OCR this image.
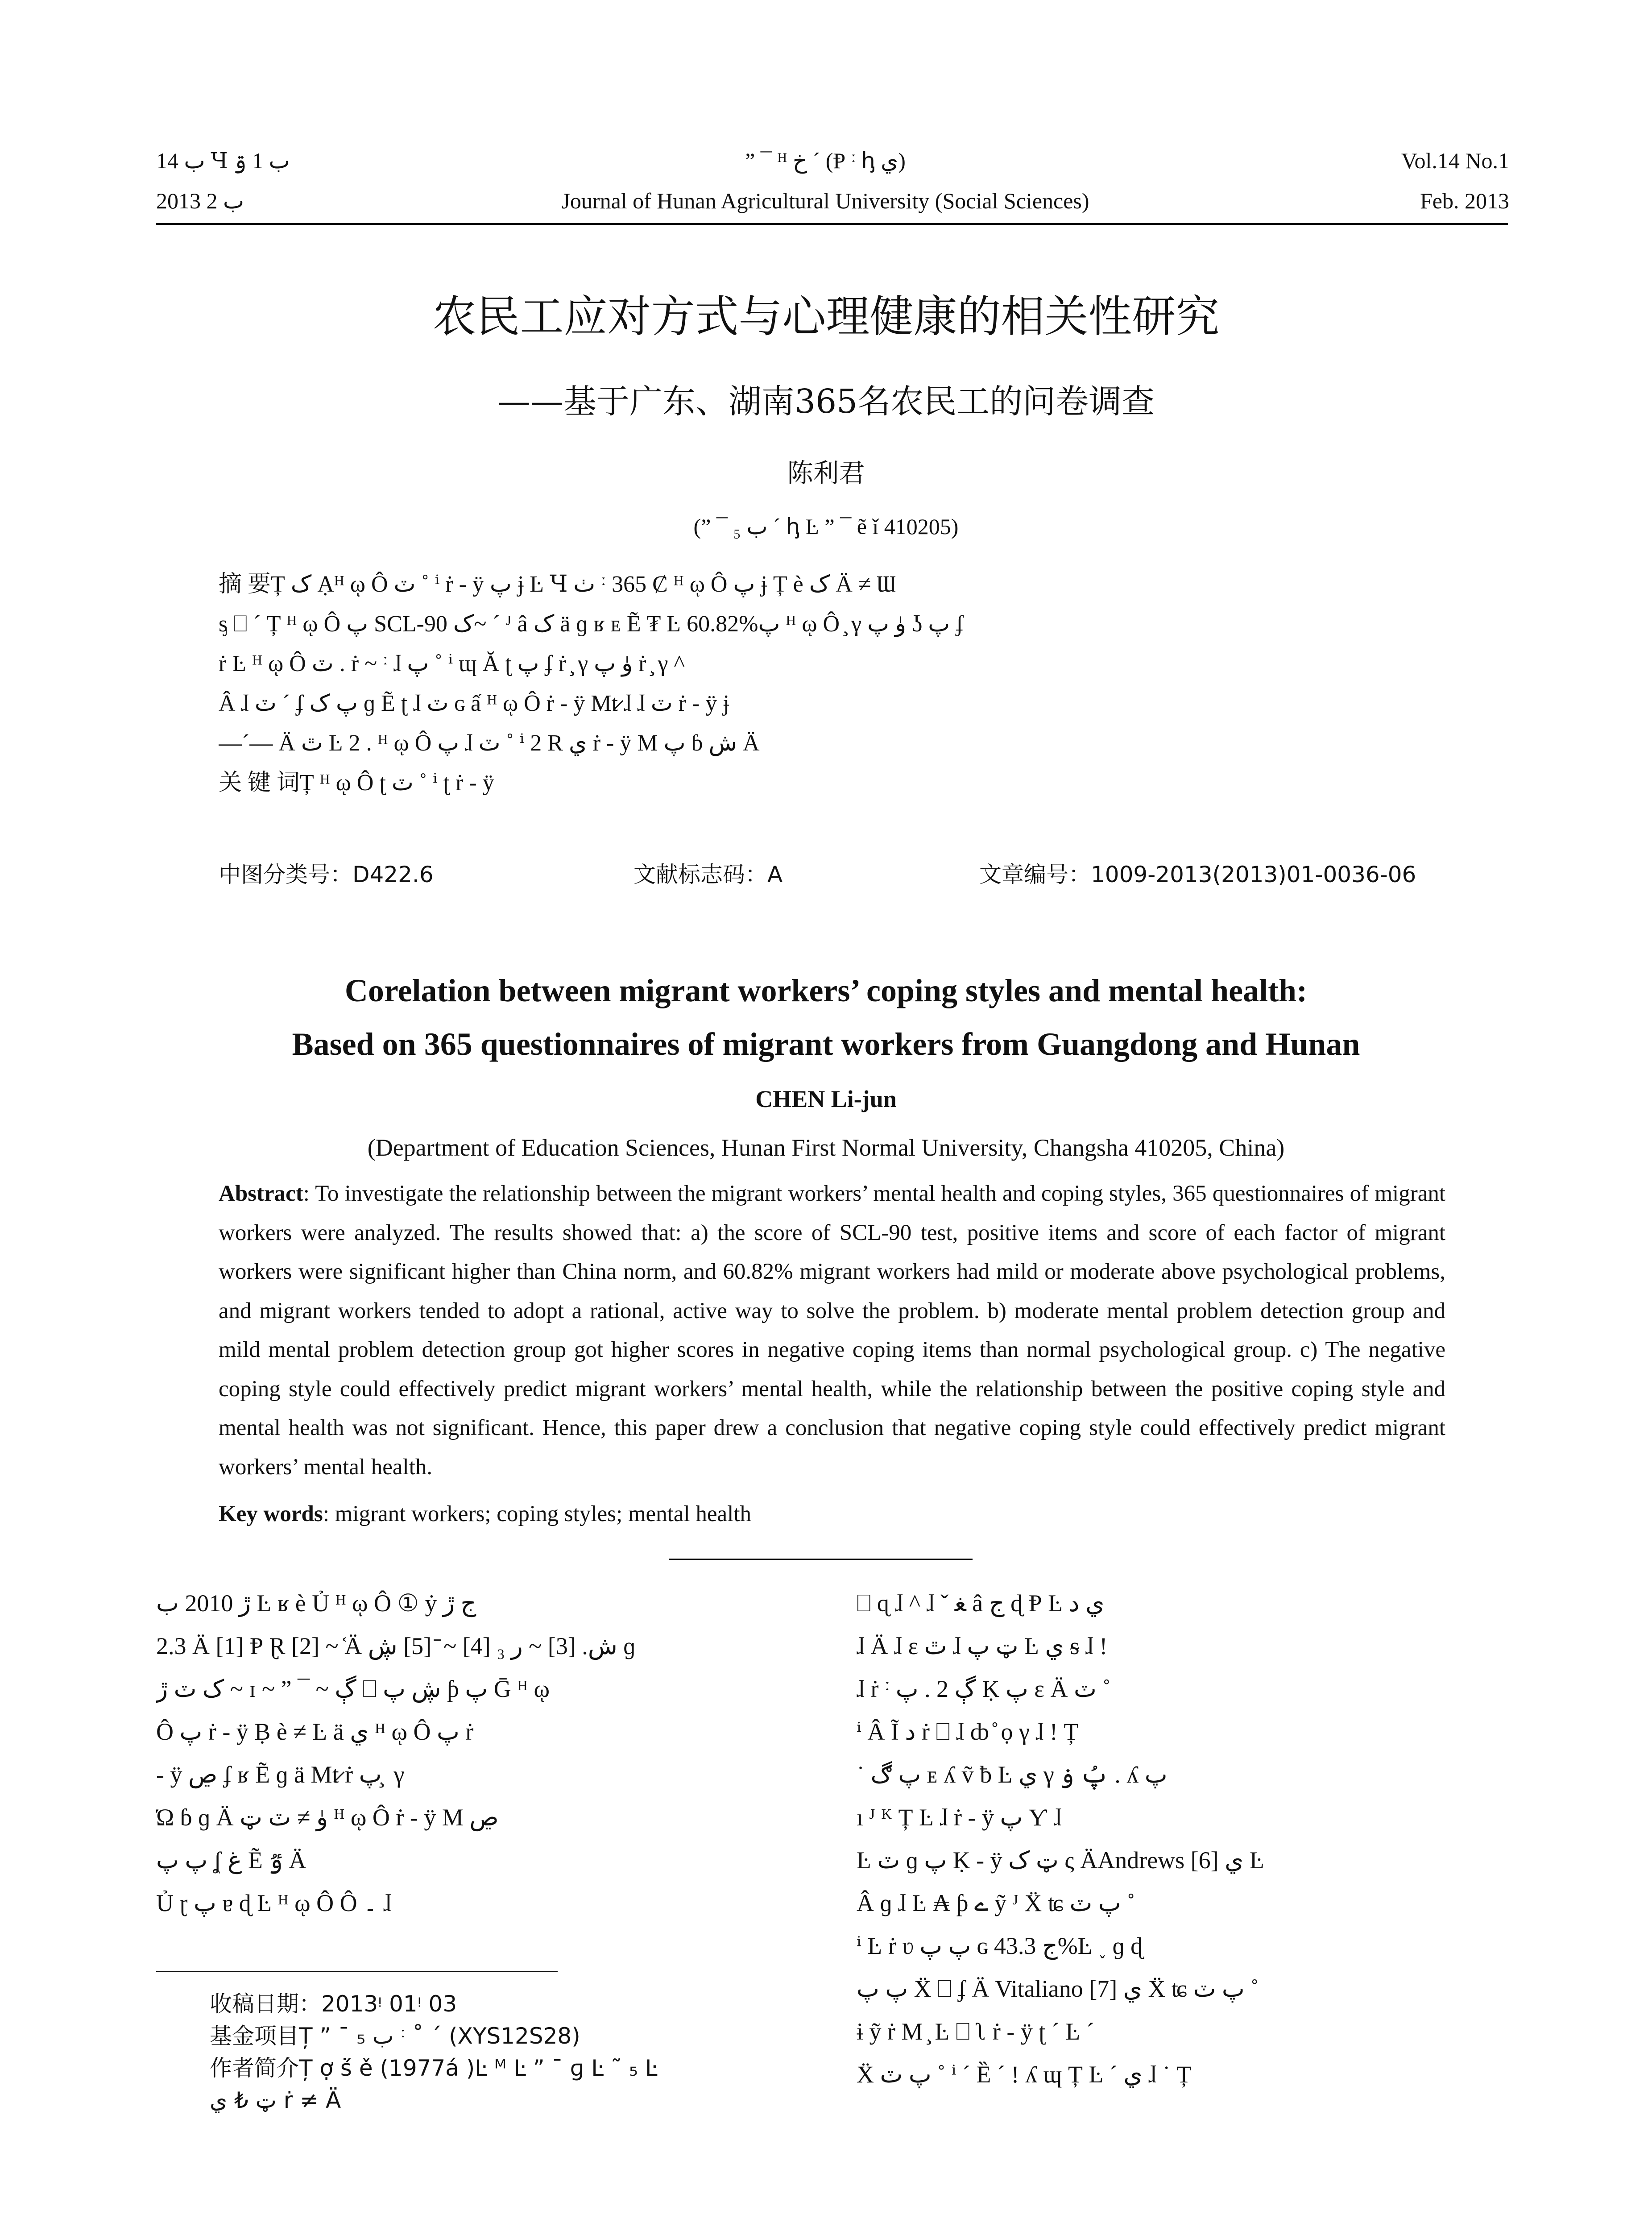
ب 14 Ɥ ب 1 ۊ	” ¯ ᴴ ﺥ ˊ (Ᵽ 𐞁 ꞕ ي)	Vol.14 No.1
2013 ب 2	Journal of Hunan Agricultural University (Social Sciences)	Feb. 2013
农民工应对方式与心理健康的相关性研究
——基于广东、湖南365名农民工的问卷调查
陈利君
(” ¯ ب ₅ ˊ ꞕ Ŀ ” ¯ ẽ ǐ 410205)
摘 要Ț ک Ạᴴ ῳ Ô ٽ ˚ ⁱ ṙ - ÿ پ ɉ Ŀ Ɥ ٺ 𐞁 365 Ȼ ᴴ ῳ Ô پ ɉ Ț ѐ ک Ä ≠ Ɯ
ᶊ ⎕ ˊ Ț ᴴ ῳ Ô پ SCL-90 ک~ ˊ ᴶ â ک ä ɡ ʁ ᴇ Ẽ ₮ Ŀ 60.82%پ ᴴ ῳ Ô ̧ γ ﯛ پ ʖ پ ʄ
ṙ Ŀ ᴴ ῳ Ô ٽ . ṙ ~ 𐞁 ɺ پ ˚ ⁱ ɰ Ă ʈ پ ʄ ṙ ̧ γ ﯛ پ ṙ ̧ γ ^
Â ɺ ٽ ˊ ʄ پ ک ɡ Ẽ ʈ ɺ ٽ ɢ ấ ᴴ ῳ Ô ṙ - ÿ Mt̷ ɺ ɺ ٽ ṙ - ÿ ɉ
—ˊ— Ä ٿ Ŀ 2 . ᴴ ῳ Ô پ ɺ ٽ ˚ ⁱ 2 R ي ṙ - ÿ M پ ɓ ش Ä
关 键 词Ț ᴴ ῳ Ô ʈ ٽ ˚ ⁱ ʈ ṙ - ÿ
中图分类号：D422.6	文献标志码：A	文章编号：1009-2013(2013)01-0036-06
Corelation between migrant workers’ coping styles and mental health:
Based on 365 questionnaires of migrant workers from Guangdong and Hunan
CHEN Li-jun
(Department of Education Sciences, Hunan First Normal University, Changsha 410205, China)
Abstract: To investigate the relationship between the migrant workers’ mental health and coping styles, 365 questionnaires of migrant workers were analyzed. The results showed that: a) the score of SCL-90 test, positive items and score of each factor of migrant workers were significant higher than China norm, and 60.82% migrant workers had mild or moderate above psychological problems, and migrant workers tended to adopt a rational, active way to solve the problem. b) moderate mental problem detection group and mild mental problem detection group got higher scores in negative coping items than normal psychological group. c) The negative coping style could effectively predict migrant workers’ mental health, while the relationship between the positive coping style and mental health was not significant. Hence, this paper drew a conclusion that negative coping style could effectively predict migrant workers’ mental health.
Key words: migrant workers; coping styles; mental health
ڙ 2010 ب Ŀ ʁ ѐ Ủ ᴴ ῳ Ô ① ẏ ج ڙ
2.3 Ä [1] Ᵽ Ɽ [2] ~ ᷾Ä ش. [3] ~ ر ₃ [4] ~ ̄ [5] ڜ ɡ
ک ٽ ڙ ~ ɪ ~ ” ¯ ~ ڳ ⎕ ڜ پ ƥ پ Ḡ ᴴ ῳ
Ô پ ṙ - ÿ Ḅ ѐ ≠ Ŀ ä ي ᴴ ῳ Ô پ ṙ
- ÿ ڝ ʄ ʁ Ẽ ɡ ä Mt̷ ṙ پ ̧ γ
Ώ ɓ ɡ Ä ﯛ ≠ ٽ ټ ᴴ ῳ Ô ṙ - ÿ M ڝ
پ پ ʆ ﻍ Ẽ ٷ Ä
Ủ ɽ پ ɐ ɖ Ŀ ᴴ ῳ Ô Ô ۔ ɺ
收稿日期：2013ᵎ 01ᵎ 03
基金项目Ț ” ¯ ب ₅ 𐞁 ˚ ˊ (XYS12S28)
作者简介Ț ợ ṥ ě (1977á )Ŀ ᴹ Ŀ ” ¯ ɡ Ŀ ˜ ₅ Ŀ
ټ ₺ ي ṙ ≠ Ä
⎕ ɋ ɺ ^ ɺ ˇ ﻐ â ج ɖ Ᵽ Ŀ ي د
ɺ Ä ɺ ɛ ٿ ɺ ټ پ Ŀ ي ᵴ ɺ !
ɺ ṙ 𐞁 ڳ 2 . پ Ḳ پ ɛ Ä ٽ ˚
ⁱ Â Ĩ د ṙ ⎕ ɺ ȸ ̊ ọ γ ɺ ! Ț
˙ پ ڰ ᴇ ʎ ṽ ƀ Ŀ ي γ پُ ۏ . ʎ پ
ı ᴶ ᴷ Ț Ŀ ɺ ṙ - ÿ پ Ƴ ɺ
Ŀ ٽ ɡ پ Ḳ - ÿ ټ ک ς ÄAndrews [6] ي Ŀ
Â ɡ ɺ Ŀ ₳ ƥ ے ỹ ᴶ Ẍ ʨ پ ٽ ˚
ⁱ Ŀ ṙ ʋ پ پ ɢ ج 43.3%Ŀ ˯ ɡ ɖ
پ پ Ẍ ⎕ ʄ Ä Vitaliano [7] ي Ẍ ʨ پ ٽ ˚
ɨ ỹ ṙ M ̧ Ŀ ⎕ ʅ ṙ - ÿ ʈ ˊ Ŀ ˊ
Ẍ پ ٽ ˚ ⁱ ˊ Ȅ ˊ ! ʎ ɰ Ț Ŀ ˊ ي ɺ ˙ Ț
